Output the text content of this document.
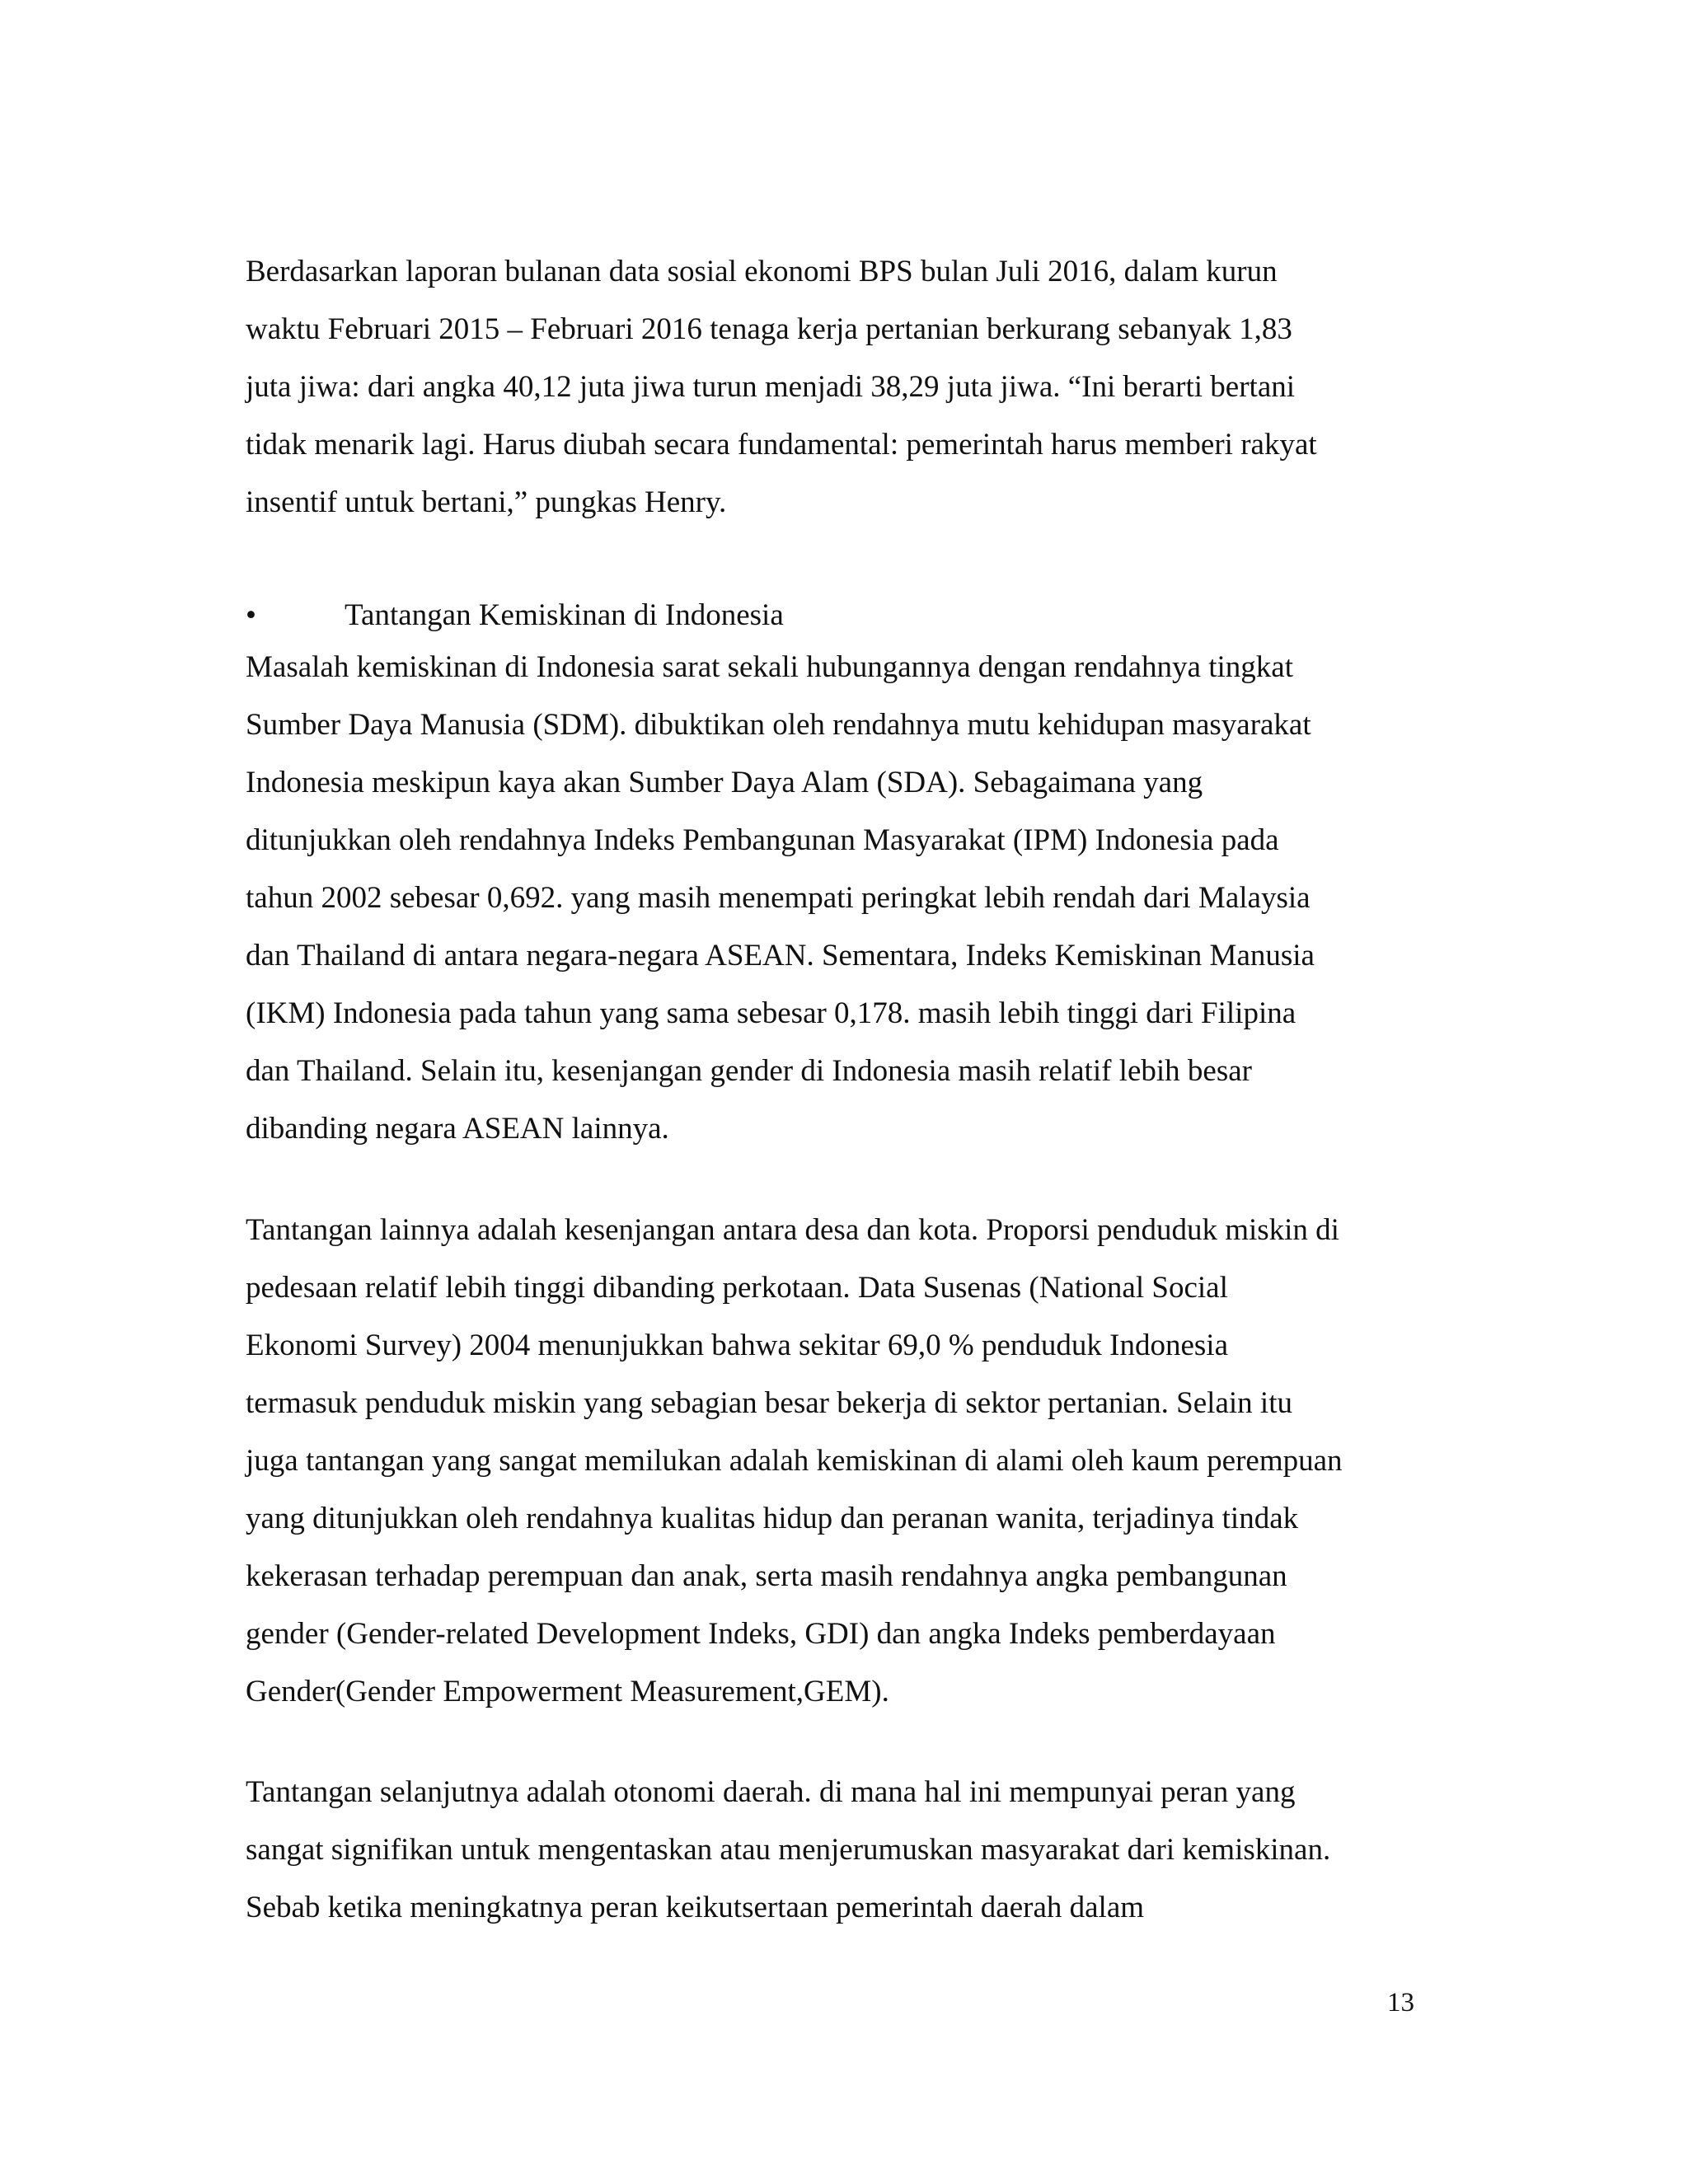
Berdasarkan laporan bulanan data sosial ekonomi BPS bulan Juli 2016, dalam kurun
waktu Februari 2015 – Februari 2016 tenaga kerja pertanian berkurang sebanyak 1,83
juta jiwa: dari angka 40,12 juta jiwa turun menjadi 38,29 juta jiwa. “Ini berarti bertani
tidak menarik lagi. Harus diubah secara fundamental: pemerintah harus memberi rakyat
insentif untuk bertani,” pungkas Henry.

•	Tantangan Kemiskinan di Indonesia

Masalah kemiskinan di Indonesia sarat sekali hubungannya dengan rendahnya tingkat
Sumber Daya Manusia (SDM). dibuktikan oleh rendahnya mutu kehidupan masyarakat
Indonesia meskipun kaya akan Sumber Daya Alam (SDA). Sebagaimana yang
ditunjukkan oleh rendahnya Indeks Pembangunan Masyarakat (IPM) Indonesia pada
tahun 2002 sebesar 0,692. yang masih menempati peringkat lebih rendah dari Malaysia
dan Thailand di antara negara-negara ASEAN. Sementara, Indeks Kemiskinan Manusia
(IKM) Indonesia pada tahun yang sama sebesar 0,178. masih lebih tinggi dari Filipina
dan Thailand. Selain itu, kesenjangan gender di Indonesia masih relatif lebih besar
dibanding negara ASEAN lainnya.

Tantangan lainnya adalah kesenjangan antara desa dan kota. Proporsi penduduk miskin di
pedesaan relatif lebih tinggi dibanding perkotaan. Data Susenas (National Social
Ekonomi Survey) 2004 menunjukkan bahwa sekitar 69,0 % penduduk Indonesia
termasuk penduduk miskin yang sebagian besar bekerja di sektor pertanian. Selain itu
juga tantangan yang sangat memilukan adalah kemiskinan di alami oleh kaum perempuan
yang ditunjukkan oleh rendahnya kualitas hidup dan peranan wanita, terjadinya tindak
kekerasan terhadap perempuan dan anak, serta masih rendahnya angka pembangunan
gender (Gender-related Development Indeks, GDI) dan angka Indeks pemberdayaan
Gender(Gender Empowerment Measurement,GEM).

Tantangan selanjutnya adalah otonomi daerah. di mana hal ini mempunyai peran yang
sangat signifikan untuk mengentaskan atau menjerumuskan masyarakat dari kemiskinan.
Sebab ketika meningkatnya peran keikutsertaan pemerintah daerah dalam

13
